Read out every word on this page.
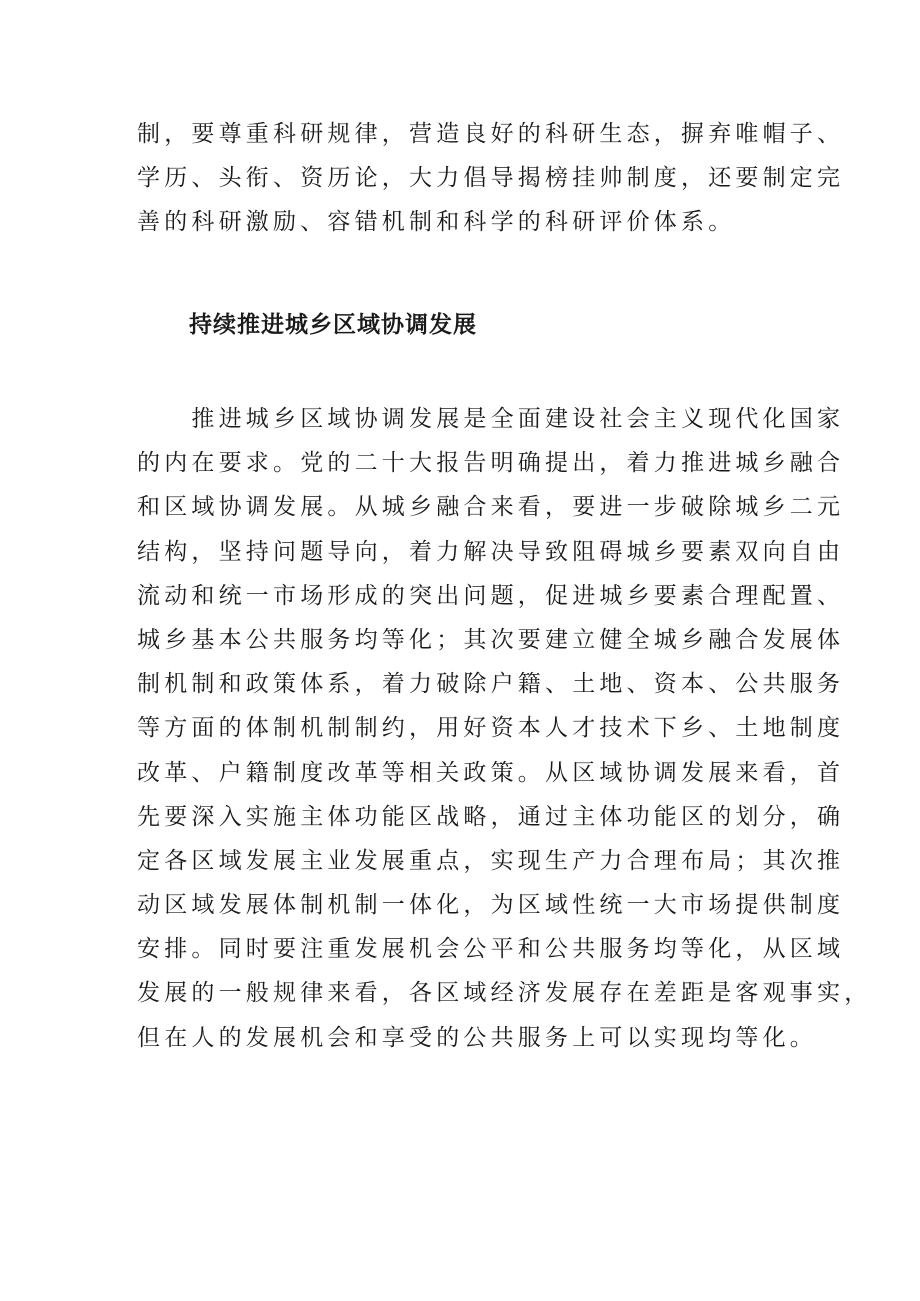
制，要尊重科研规律，营造良好的科研生态，摒弃唯帽子、
学历、头衔、资历论，大力倡导揭榜挂帅制度，还要制定完
善的科研激励、容错机制和科学的科研评价体系。
持续推进城乡区域协调发展
　　推进城乡区域协调发展是全面建设社会主义现代化国家
的内在要求。党的二十大报告明确提出，着力推进城乡融合
和区域协调发展。从城乡融合来看，要进一步破除城乡二元
结构，坚持问题导向，着力解决导致阻碍城乡要素双向自由
流动和统一市场形成的突出问题，促进城乡要素合理配置、
城乡基本公共服务均等化；其次要建立健全城乡融合发展体
制机制和政策体系，着力破除户籍、土地、资本、公共服务
等方面的体制机制制约，用好资本人才技术下乡、土地制度
改革、户籍制度改革等相关政策。从区域协调发展来看，首
先要深入实施主体功能区战略，通过主体功能区的划分，确
定各区域发展主业发展重点，实现生产力合理布局；其次推
动区域发展体制机制一体化，为区域性统一大市场提供制度
安排。同时要注重发展机会公平和公共服务均等化，从区域
发展的一般规律来看，各区域经济发展存在差距是客观事实，
但在人的发展机会和享受的公共服务上可以实现均等化。
